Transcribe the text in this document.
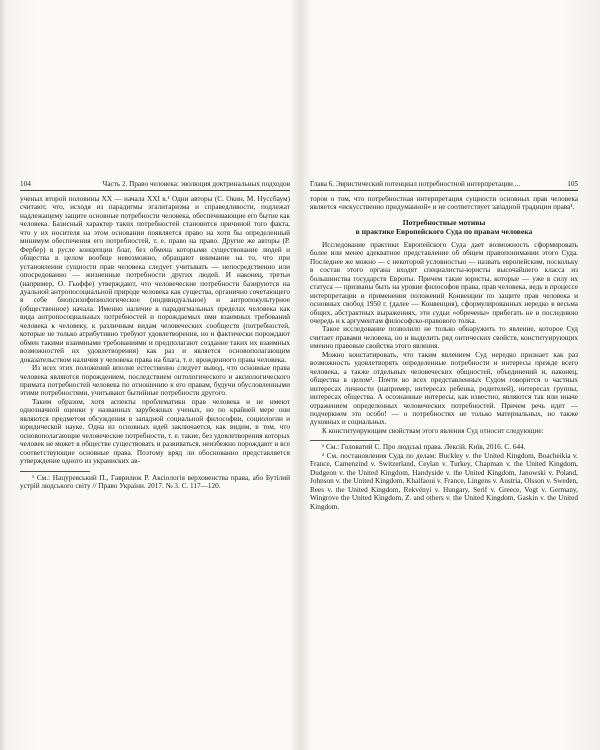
104	Часть 2. Право человека: эволюция доктринальных подходов

ученых второй половины XX — начала XXI в.¹ Одни авторы (С. Окин, М. Нуссбаум) считают, что, исходя из парадигмы эгалитаризма и справедливости, подлежат надлежащему защите основные потребности человека, обеспечивающие его бытие как человека. Базисный характер таких потребностей становится причиной того факта, что у их носителя на этом основании появляется право на хотя бы определенный минимум обеспечения его потребностей, т. е. право на право. Другие же авторы (Р. Фербер) в русле концепции благ, без обмена которыми существование людей и общества в целом вообще невозможно, обращают внимание на то, что при установлении сущности прав человека следует учитывать — непосредственно или опосредованно — жизненные потребности других людей. И наконец, третьи (например, О. Гьоффе) утверждают, что человеческие потребности базируются на дуальной антропосоциальной природе человека как существа, органично сочетающего в себе биопсихофизиологическое (индивидуальное) и антропокультурное (общественное) начала. Именно наличие в парадигмальных пределах человека как вида антропосоциальных потребностей и порождаемых ими взаимных требований человека к человеку, к различным видам человеческих сообществ (потребностей, которые не только атрибутивно требуют удовлетворения, но и фактически порождают обмен такими взаимными требованиями и предполагают создание таких их взаимных возможностей их удовлетворения) как раз и является основополагающим доказательством наличия у человека права на блага, т. е. врожденного права человека.

Из всех этих положений вполне естественно следует вывод, что основные права человека являются порождением, последствием онтологического и аксиологического примата потребностей человека по отношению к его правам, будучи обусловленными этими потребностями, учитывают бытийные потребности другого.

Таким образом, хотя аспекты проблематики прав человека и не имеют однозначной оценки у названных зарубежных ученых, но по крайней мере они являются предметом обсуждения в западной социальной философии, социологии и юридической науке. Одна из основных идей заключается, как видим, в том, что основополагающие человеческие потребности, т. е. такие, без удовлетворения которых человек не может в обществе существовать и развиваться, неизбежно порождают и все соответствующие основные права. Поэтому вряд ли обоснованно представляется утверждение одного из украинских ав-

¹ См.: Нацуревський П., Гаврилюк Р. Аксіологія верховенства права, або Бутілий устрій людського світу // Право України. 2017. № 3. С. 117—120.

Глава 6. Эвристический потенциал потребностной интерпретации ...	105

торов о том, что потребностная интерпретация сущности основных прав человека является «искусственно придуманной» и не соответствует западной традиции права¹.

Потребностные мотивы
в практике Европейского Суда по правам человека

Исследование практики Европейского Суда дает возможность сформировать более или менее адекватное представление об общем правопонимании этого Суда. Последнее же можно — с некоторой условностью — назвать европейским, поскольку в состав этого органа входят специалисты-юристы высочайшего класса из большинства государств Европы. Причем такие юристы, которые — уже в силу их статуса — призваны быть на уровне философов права, прав человека, ведь в процессе интерпретации и применения положений Конвенции по защите прав человека и основных свобод 1950 г. (далее — Конвенция), сформулированных нередко в весьма общих, абстрактных выражениях, эти судьи «обречены» прибегать не в последнюю очередь и к аргументам философско-правового толка.

Такое исследование позволило не только обнаружить то явление, которое Суд считает правами человека, но и выделить ряд онтических свойств, конституирующих именно правовые свойства этого явления.

Можно констатировать, что таким явлением Суд нередко признает как раз возможность удовлетворять определенные потребности и интересы прежде всего человека, а также отдельных человеческих общностей, объединений и, наконец, общества в целом². Почти во всех представленных Судом говорится о частных интересах личности (например, интересах ребенка, родителей), интересах группы, интересах общества. А осознанные интересы, как известно, являются так или иначе отражением определенных человеческих потребностей. Причем речь идет — подчеркнем это особо! — о потребностях не только материальных, но также духовных и социальных.

К конституирующим свойствам этого явления Суд относит следующие:

¹ См.: Головатий С. Про людські права. Лексій. Київ, 2016. С. 644.

² См. постановления Суда по делам: Buckley v. the United Kingdom, Boacheikia v. France, Camenzind v. Switzerland, Ceylan v. Turkey, Chapman v. the United Kingdom, Dudgeon v. the United Kingdom, Handyside v. the United Kingdom, Janowski v. Poland, Johnson v. the United Kingdom, Khalfaoui v. France, Lingens v. Austria, Olsson v. Sweden, Rees v. the United Kingdom, Rekvényi v. Hungary, Serif v. Greece, Vogt v. Germany, Wingrove the United Kingdom, Z. and others v. the United Kingdom, Gaskin v. the United Kingdom.
